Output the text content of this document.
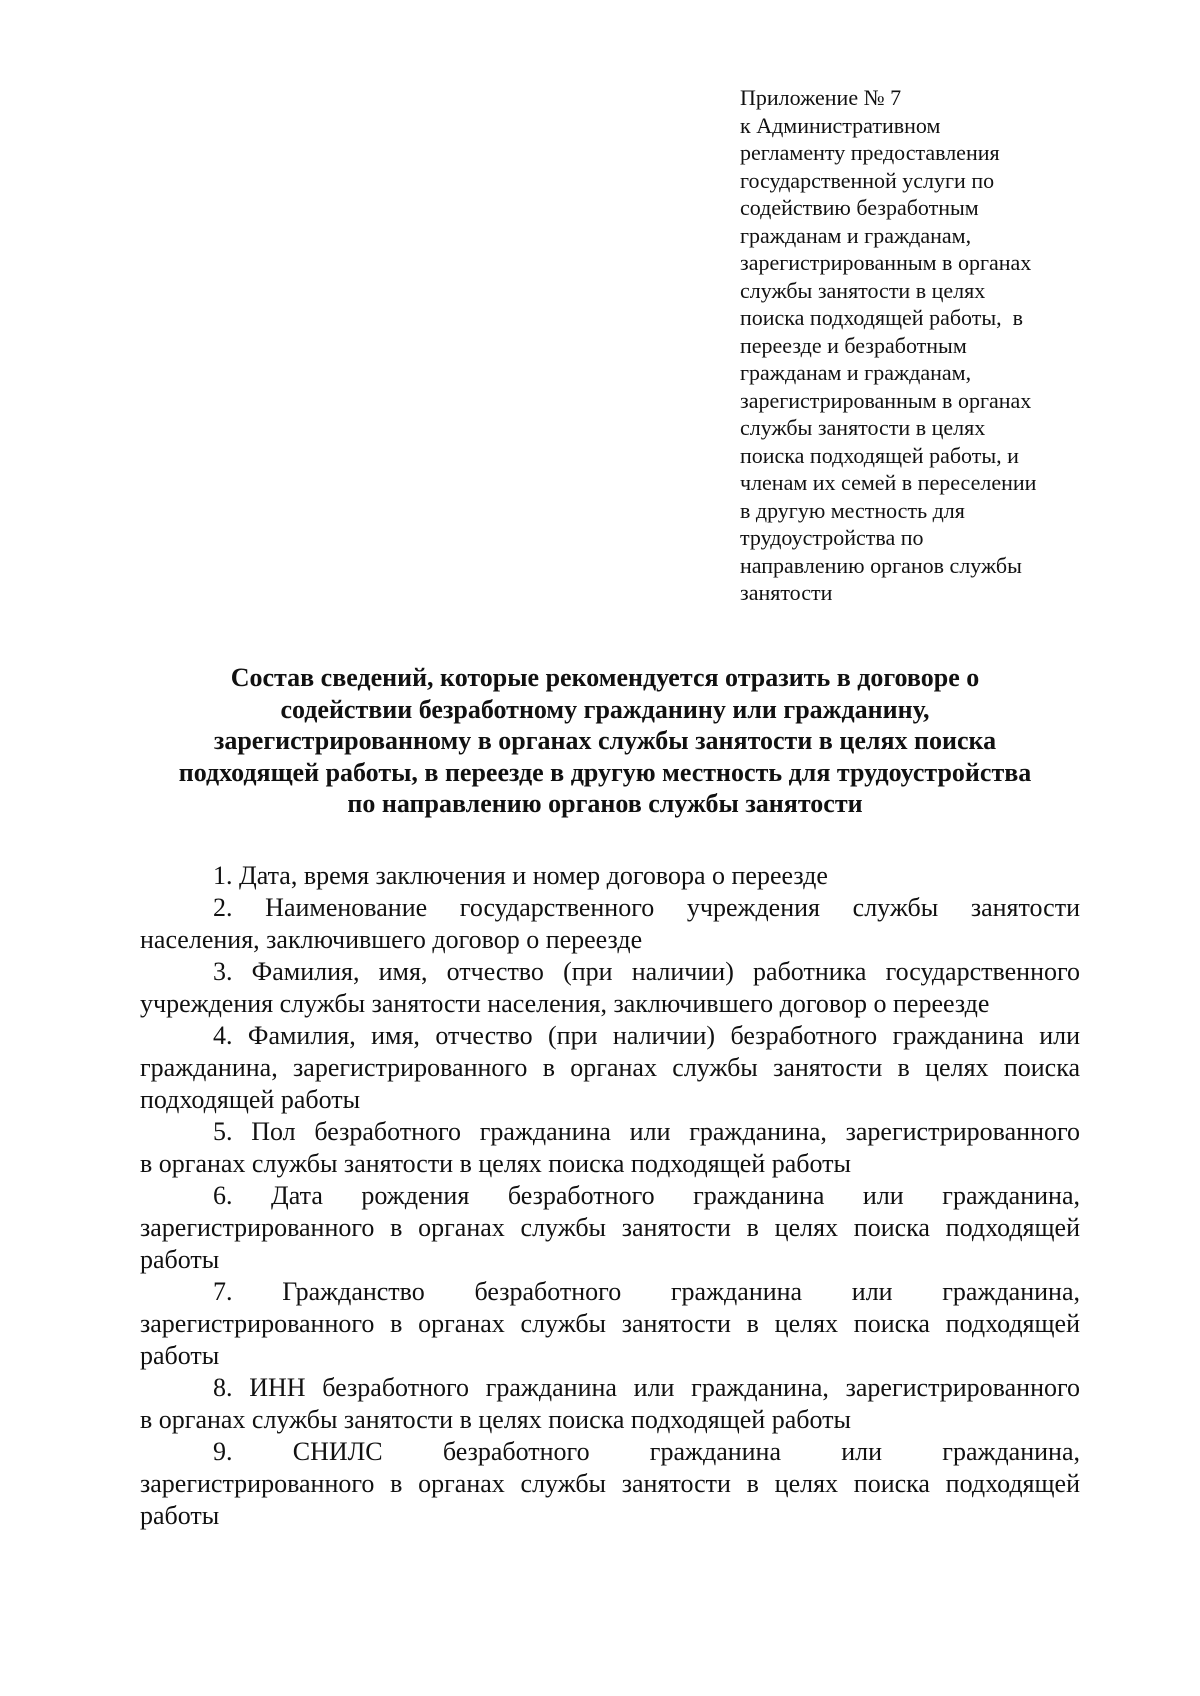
Приложение № 7
к Административном
регламенту предоставления
государственной услуги по
содействию безработным
гражданам и гражданам,
зарегистрированным в органах
службы занятости в целях
поиска подходящей работы,  в
переезде и безработным
гражданам и гражданам,
зарегистрированным в органах
службы занятости в целях
поиска подходящей работы, и
членам их семей в переселении
в другую местность для
трудоустройства по
направлению органов службы
занятости
Состав сведений, которые рекомендуется отразить в договоре о
содействии безработному гражданину или гражданину,
зарегистрированному в органах службы занятости в целях поиска
подходящей работы, в переезде в другую местность для трудоустройства
по направлению органов службы занятости
1. Дата, время заключения и номер договора о переезде
2. Наименование государственного учреждения службы занятости
населения, заключившего договор о переезде
3. Фамилия, имя, отчество (при наличии) работника государственного
учреждения службы занятости населения, заключившего договор о переезде
4. Фамилия, имя, отчество (при наличии) безработного гражданина или
гражданина, зарегистрированного в органах службы занятости в целях поиска
подходящей работы
5. Пол безработного гражданина или гражданина, зарегистрированного
в органах службы занятости в целях поиска подходящей работы
6. Дата рождения безработного гражданина или гражданина,
зарегистрированного в органах службы занятости в целях поиска подходящей
работы
7. Гражданство безработного гражданина или гражданина,
зарегистрированного в органах службы занятости в целях поиска подходящей
работы
8. ИНН безработного гражданина или гражданина, зарегистрированного
в органах службы занятости в целях поиска подходящей работы
9. СНИЛС безработного гражданина или гражданина,
зарегистрированного в органах службы занятости в целях поиска подходящей
работы
